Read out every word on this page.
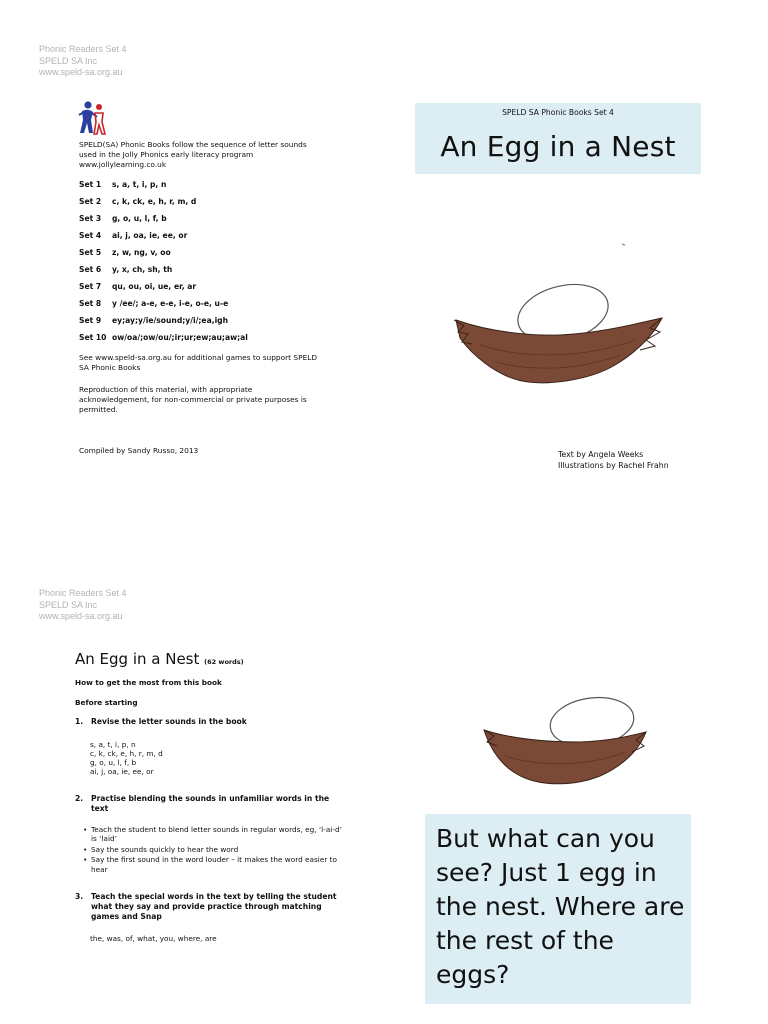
Phonic Readers Set 4
SPELD SA Inc
www.speld-sa.org.au
SPELD(SA) Phonic Books follow the sequence of letter sounds used in the Jolly Phonics early literacy program www.jollylearning.co.uk
Set 1	s, a, t, i, p, n
Set 2	c, k, ck, e, h, r, m, d
Set 3	g, o, u, l, f, b
Set 4	ai, j, oa, ie, ee, or
Set 5	z, w, ng, v, oo
Set 6	y, x, ch, sh, th
Set 7	qu, ou, oi, ue, er, ar
Set 8	y /ee/; a-e, e-e, i-e, o-e, u-e
Set 9	ey;ay;y/ie/sound;y/i/;ea,igh
Set 10 ow/oa/;ow/ou/;ir;ur;ew;au;aw;al
See www.speld-sa.org.au for additional games to support SPELD SA Phonic Books
Reproduction of this material, with appropriate acknowledgement, for non-commercial or private purposes is permitted.
Compiled by Sandy Russo, 2013
SPELD SA Phonic Books Set 4
An Egg in a Nest
Text by Angela Weeks
Illustrations by Rachel Frahn
Phonic Readers Set 4
SPELD SA Inc
www.speld-sa.org.au
An Egg in a Nest (62 words)
How to get the most from this book
Before starting
1. Revise the letter sounds in the book
s, a, t, i, p, n
c, k, ck, e, h, r, m, d
g, o, u, l, f, b
ai, j, oa, ie, ee, or
2. Practise blending the sounds in unfamiliar words in the text
• Teach the student to blend letter sounds in regular words, eg, ‘l-ai-d’ is ‘laid’
• Say the sounds quickly to hear the word
• Say the first sound in the word louder – it makes the word easier to hear
3. Teach the special words in the text by telling the student what they say and provide practice through matching games and Snap
the, was, of, what, you, where, are
But what can you see? Just 1 egg in the nest. Where are the rest of the eggs?
